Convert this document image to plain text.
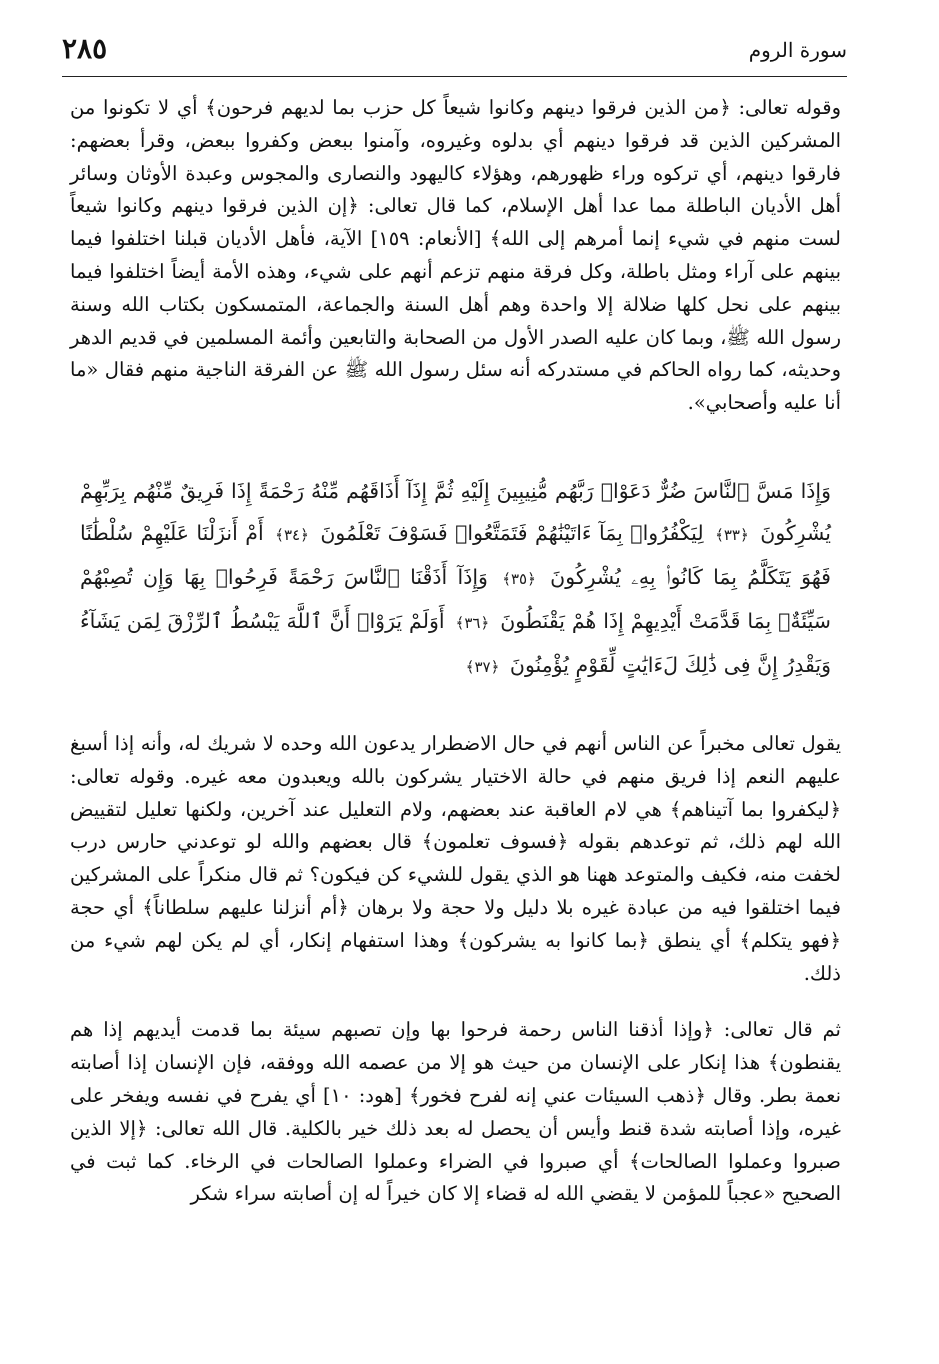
٢٨٥	سورة الروم

وقوله تعالى: ﴿من الذين فرقوا دينهم وكانوا شيعاً كل حزب بما لديهم فرحون﴾ أي لا تكونوا من المشركين الذين قد فرقوا دينهم أي بدلوه وغيروه، وآمنوا ببعض وكفروا ببعض، وقرأ بعضهم: فارقوا دينهم، أي تركوه وراء ظهورهم، وهؤلاء كاليهود والنصارى والمجوس وعبدة الأوثان وسائر أهل الأديان الباطلة مما عدا أهل الإسلام، كما قال تعالى: ﴿إن الذين فرقوا دينهم وكانوا شيعاً لست منهم في شيء إنما أمرهم إلى الله﴾ [الأنعام: ١٥٩] الآية، فأهل الأديان قبلنا اختلفوا فيما بينهم على آراء ومثل باطلة، وكل فرقة منهم تزعم أنهم على شيء، وهذه الأمة أيضاً اختلفوا فيما بينهم على نحل كلها ضلالة إلا واحدة وهم أهل السنة والجماعة، المتمسكون بكتاب الله وسنة رسول الله ﷺ، وبما كان عليه الصدر الأول من الصحابة والتابعين وأئمة المسلمين في قديم الدهر وحديثه، كما رواه الحاكم في مستدركه أنه سئل رسول الله ﷺ عن الفرقة الناجية منهم فقال «ما أنا عليه وأصحابي».

وَإِذَا مَسَّ ٱلنَّاسَ ضُرٌّ دَعَوْا۟ رَبَّهُم مُّنِيبِينَ إِلَيْهِ ثُمَّ إِذَآ أَذَاقَهُم مِّنْهُ رَحْمَةً إِذَا فَرِيقٌ مِّنْهُم بِرَبِّهِمْ يُشْرِكُونَ ﴿٣٣﴾ لِيَكْفُرُوا۟ بِمَآ ءَاتَيْنَٰهُمْ فَتَمَتَّعُوا۟ فَسَوْفَ تَعْلَمُونَ ﴿٣٤﴾ أَمْ أَنزَلْنَا عَلَيْهِمْ سُلْطَٰنًا فَهُوَ يَتَكَلَّمُ بِمَا كَانُوا۟ بِهِۦ يُشْرِكُونَ ﴿٣٥﴾ وَإِذَآ أَذَقْنَا ٱلنَّاسَ رَحْمَةً فَرِحُوا۟ بِهَا وَإِن تُصِبْهُمْ سَيِّئَةٌۢ بِمَا قَدَّمَتْ أَيْدِيهِمْ إِذَا هُمْ يَقْنَطُونَ ﴿٣٦﴾ أَوَلَمْ يَرَوْا۟ أَنَّ ٱللَّهَ يَبْسُطُ ٱلرِّزْقَ لِمَن يَشَآءُ وَيَقْدِرُ إِنَّ فِى ذَٰلِكَ لَءَايَٰتٍ لِّقَوْمٍ يُؤْمِنُونَ ﴿٣٧﴾

يقول تعالى مخبراً عن الناس أنهم في حال الاضطرار يدعون الله وحده لا شريك له، وأنه إذا أسبغ عليهم النعم إذا فريق منهم في حالة الاختيار يشركون بالله ويعبدون معه غيره. وقوله تعالى: ﴿ليكفروا بما آتيناهم﴾ هي لام العاقبة عند بعضهم، ولام التعليل عند آخرين، ولكنها تعليل لتقييض الله لهم ذلك، ثم توعدهم بقوله ﴿فسوف تعلمون﴾ قال بعضهم والله لو توعدني حارس درب لخفت منه، فكيف والمتوعد ههنا هو الذي يقول للشيء كن فيكون؟ ثم قال منكراً على المشركين فيما اختلقوا فيه من عبادة غيره بلا دليل ولا حجة ولا برهان ﴿أم أنزلنا عليهم سلطاناً﴾ أي حجة ﴿فهو يتكلم﴾ أي ينطق ﴿بما كانوا به يشركون﴾ وهذا استفهام إنكار، أي لم يكن لهم شيء من ذلك.

ثم قال تعالى: ﴿وإذا أذقنا الناس رحمة فرحوا بها وإن تصبهم سيئة بما قدمت أيديهم إذا هم يقنطون﴾ هذا إنكار على الإنسان من حيث هو إلا من عصمه الله ووفقه، فإن الإنسان إذا أصابته نعمة بطر. وقال ﴿ذهب السيئات عني إنه لفرح فخور﴾ [هود: ١٠] أي يفرح في نفسه ويفخر على غيره، وإذا أصابته شدة قنط وأيس أن يحصل له بعد ذلك خير بالكلية. قال الله تعالى: ﴿إلا الذين صبروا وعملوا الصالحات﴾ أي صبروا في الضراء وعملوا الصالحات في الرخاء. كما ثبت في الصحيح «عجباً للمؤمن لا يقضي الله له قضاء إلا كان خيراً له إن أصابته سراء شكر
